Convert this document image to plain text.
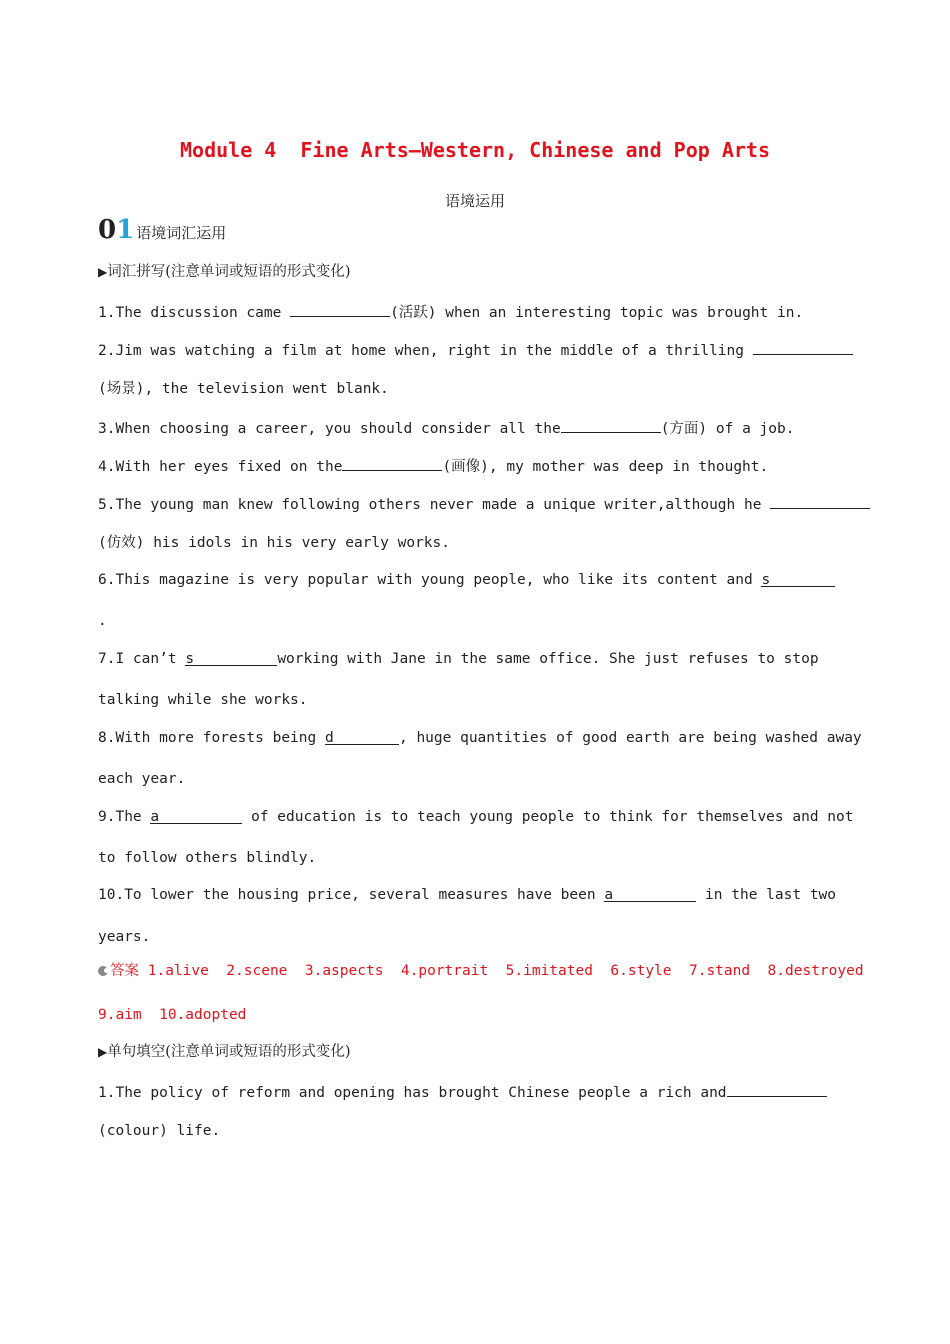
Module 4  Fine Arts—Western, Chinese and Pop Arts
语境运用
0 1 语境词汇运用
▶词汇拼写(注意单词或短语的形式变化)
1.The discussion came	(活跃) when an interesting topic was brought in.
2.Jim was watching a film at home when, right in the middle of a thrilling
(场景), the television went blank.
3.When choosing a career, you should consider all the	(方面) of a job.
4.With her eyes fixed on the	(画像), my mother was deep in thought.
5.The young man knew following others never made a unique writer,although he
(仿效) his idols in his very early works.
6.This magazine is very popular with young people, who like its content and s
.
7.I can’t s	working with Jane in the same office. She just refuses to stop
talking while she works.
8.With more forests being d	, huge quantities of good earth are being washed away
each year.
9.The a	of education is to teach young people to think for themselves and not
to follow others blindly.
10.To lower the housing price, several measures have been a	in the last two
years.
答案 1.alive  2.scene  3.aspects  4.portrait  5.imitated  6.style  7.stand  8.destroyed
9.aim  10.adopted
▶单句填空(注意单词或短语的形式变化)
1.The policy of reform and opening has brought Chinese people a rich and
(colour) life.
